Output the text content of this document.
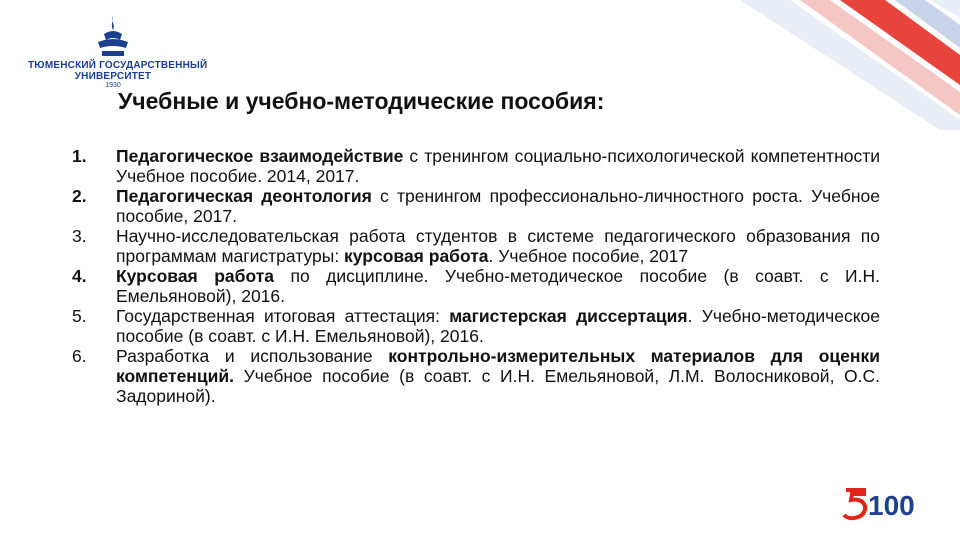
ТЮМЕНСКИЙ ГОСУДАРСТВЕННЫЙ
УНИВЕРСИТЕТ
1930
Учебные и учебно-методические пособия:
1.	Педагогическое взаимодействие с тренингом социально-психологической компетентности Учебное пособие. 2014, 2017.
2.	Педагогическая деонтология с тренингом профессионально-личностного роста. Учебное пособие, 2017.
3.	Научно-исследовательская работа студентов в системе педагогического образования по программам магистратуры: курсовая работа. Учебное пособие, 2017
4.	Курсовая работа по дисциплине. Учебно-методическое пособие (в соавт. с И.Н. Емельяновой), 2016.
5.	Государственная итоговая аттестация: магистерская диссертация. Учебно-методическое пособие (в соавт. с И.Н. Емельяновой), 2016.
6.	Разработка и использование контрольно-измерительных материалов для оценки компетенций. Учебное пособие (в соавт. с И.Н. Емельяновой, Л.М. Волосниковой, О.С. Задориной).
100
